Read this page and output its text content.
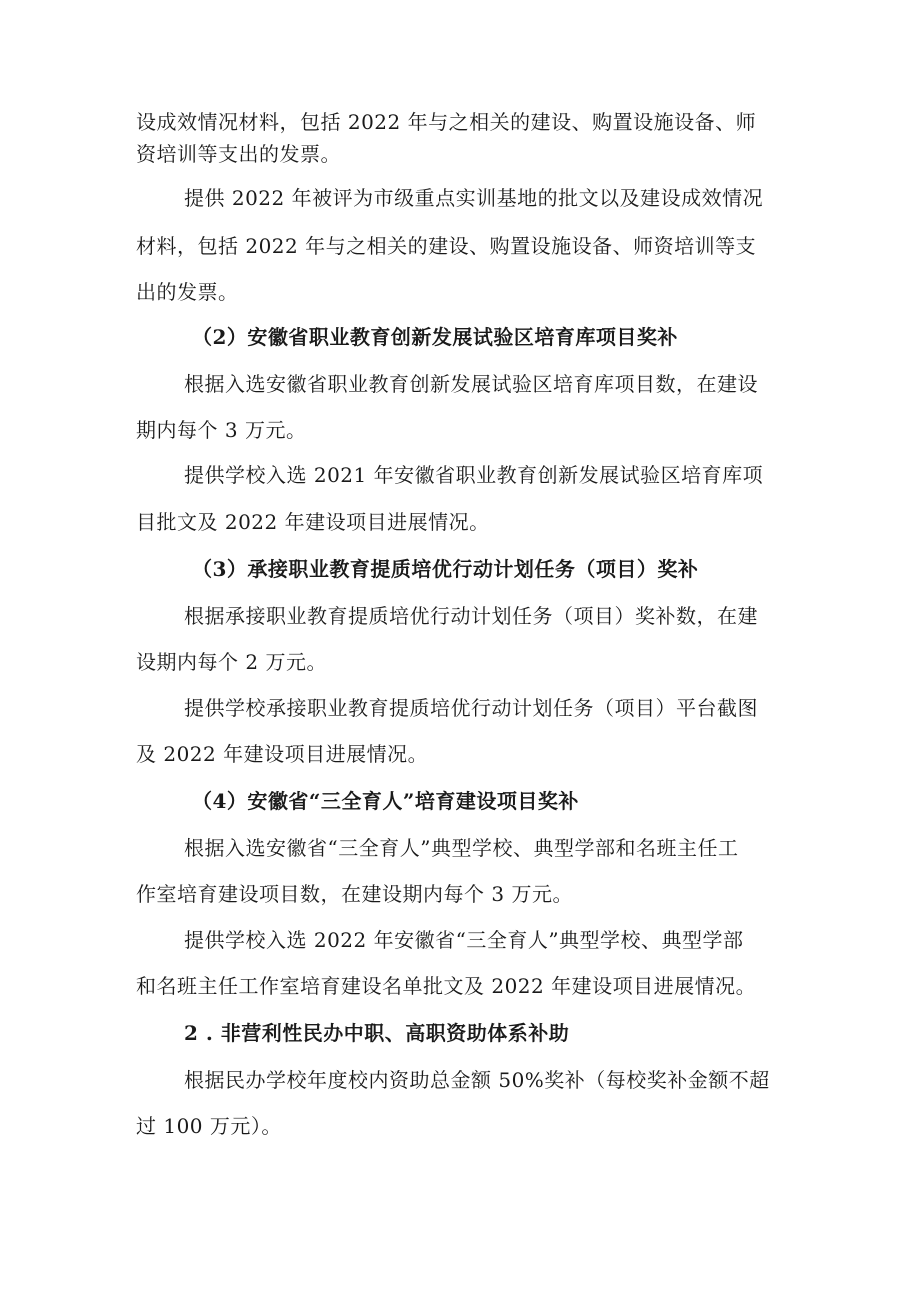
设成效情况材料，包括 2022 年与之相关的建设、购置设施设备、师
资培训等支出的发票。
提供 2022 年被评为市级重点实训基地的批文以及建设成效情况
材料，包括 2022 年与之相关的建设、购置设施设备、师资培训等支
出的发票。
（2）安徽省职业教育创新发展试验区培育库项目奖补
根据入选安徽省职业教育创新发展试验区培育库项目数，在建设
期内每个 3 万元。
提供学校入选 2021 年安徽省职业教育创新发展试验区培育库项
目批文及 2022 年建设项目进展情况。
（3）承接职业教育提质培优行动计划任务（项目）奖补
根据承接职业教育提质培优行动计划任务（项目）奖补数，在建
设期内每个 2 万元。
提供学校承接职业教育提质培优行动计划任务（项目）平台截图
及 2022 年建设项目进展情况。
（4）安徽省“三全育人”培育建设项目奖补
根据入选安徽省“三全育人”典型学校、典型学部和名班主任工
作室培育建设项目数，在建设期内每个 3 万元。
提供学校入选 2022 年安徽省“三全育人”典型学校、典型学部
和名班主任工作室培育建设名单批文及 2022 年建设项目进展情况。
2 . 非营利性民办中职、高职资助体系补助
根据民办学校年度校内资助总金额 50%奖补（每校奖补金额不超
过 100 万元）。
